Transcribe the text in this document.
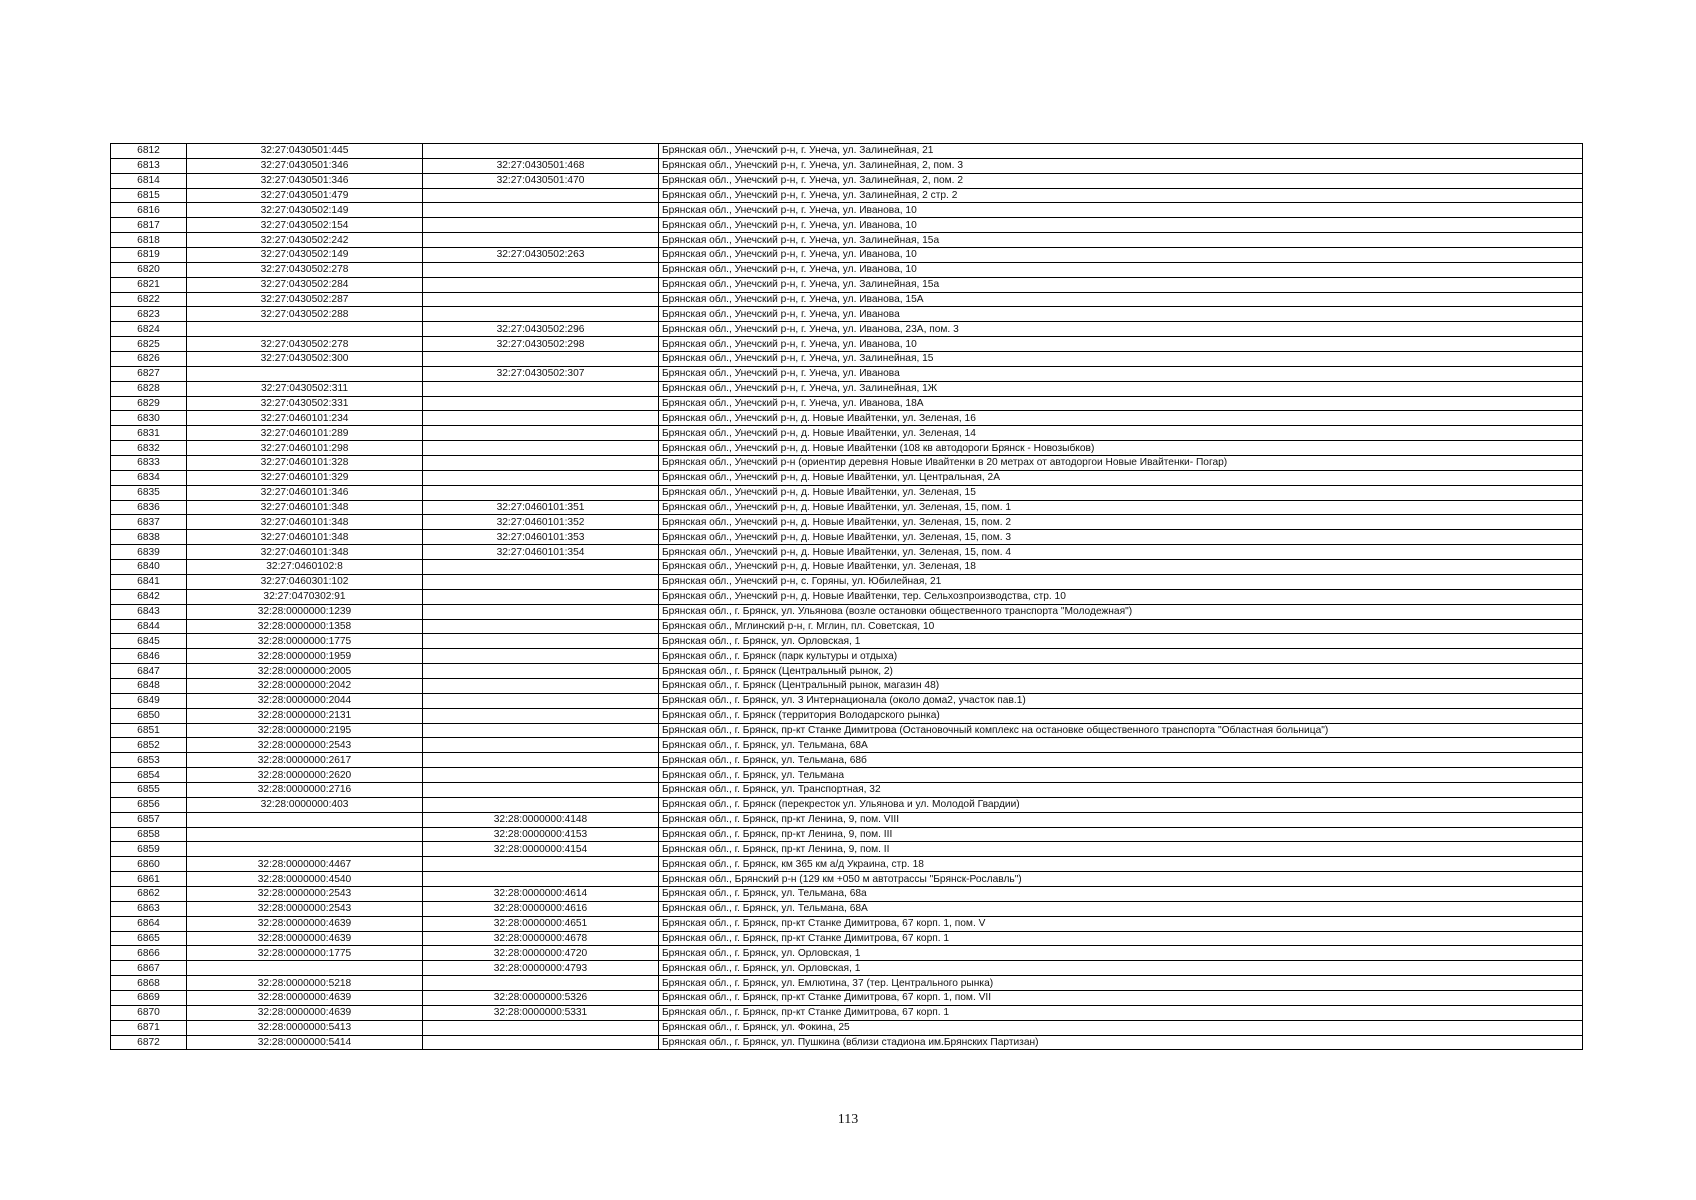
6812	32:27:0430501:445		Брянская обл., Унечский р-н, г. Унеча, ул. Залинейная, 21
6813	32:27:0430501:346	32:27:0430501:468	Брянская обл., Унечский р-н, г. Унеча, ул. Залинейная, 2, пом. 3
6814	32:27:0430501:346	32:27:0430501:470	Брянская обл., Унечский р-н, г. Унеча, ул. Залинейная, 2, пом. 2
6815	32:27:0430501:479		Брянская обл., Унечский р-н, г. Унеча, ул. Залинейная, 2 стр. 2
6816	32:27:0430502:149		Брянская обл., Унечский р-н, г. Унеча, ул. Иванова, 10
6817	32:27:0430502:154		Брянская обл., Унечский р-н, г. Унеча, ул. Иванова, 10
6818	32:27:0430502:242		Брянская обл., Унечский р-н, г. Унеча, ул. Залинейная, 15а
6819	32:27:0430502:149	32:27:0430502:263	Брянская обл., Унечский р-н, г. Унеча, ул. Иванова, 10
6820	32:27:0430502:278		Брянская обл., Унечский р-н, г. Унеча, ул. Иванова, 10
6821	32:27:0430502:284		Брянская обл., Унечский р-н, г. Унеча, ул. Залинейная, 15а
6822	32:27:0430502:287		Брянская обл., Унечский р-н, г. Унеча, ул. Иванова, 15А
6823	32:27:0430502:288		Брянская обл., Унечский р-н, г. Унеча, ул. Иванова
6824		32:27:0430502:296	Брянская обл., Унечский р-н, г. Унеча, ул. Иванова, 23А, пом. 3
6825	32:27:0430502:278	32:27:0430502:298	Брянская обл., Унечский р-н, г. Унеча, ул. Иванова, 10
6826	32:27:0430502:300		Брянская обл., Унечский р-н, г. Унеча, ул. Залинейная, 15
6827		32:27:0430502:307	Брянская обл., Унечский р-н, г. Унеча, ул. Иванова
6828	32:27:0430502:311		Брянская обл., Унечский р-н, г. Унеча, ул. Залинейная, 1Ж
6829	32:27:0430502:331		Брянская обл., Унечский р-н, г. Унеча, ул. Иванова, 18А
6830	32:27:0460101:234		Брянская обл., Унечский р-н, д. Новые Ивайтенки, ул. Зеленая, 16
6831	32:27:0460101:289		Брянская обл., Унечский р-н, д. Новые Ивайтенки, ул. Зеленая, 14
6832	32:27:0460101:298		Брянская обл., Унечский р-н, д. Новые Ивайтенки (108 кв автодороги Брянск - Новозыбков)
6833	32:27:0460101:328		Брянская обл., Унечский р-н (ориентир деревня Новые Ивайтенки в 20 метрах от автодоргои Новые Ивайтенки- Погар)
6834	32:27:0460101:329		Брянская обл., Унечский р-н, д. Новые Ивайтенки, ул. Центральная, 2А
6835	32:27:0460101:346		Брянская обл., Унечский р-н, д. Новые Ивайтенки, ул. Зеленая, 15
6836	32:27:0460101:348	32:27:0460101:351	Брянская обл., Унечский р-н, д. Новые Ивайтенки, ул. Зеленая, 15, пом. 1
6837	32:27:0460101:348	32:27:0460101:352	Брянская обл., Унечский р-н, д. Новые Ивайтенки, ул. Зеленая, 15, пом. 2
6838	32:27:0460101:348	32:27:0460101:353	Брянская обл., Унечский р-н, д. Новые Ивайтенки, ул. Зеленая, 15, пом. 3
6839	32:27:0460101:348	32:27:0460101:354	Брянская обл., Унечский р-н, д. Новые Ивайтенки, ул. Зеленая, 15, пом. 4
6840	32:27:0460102:8		Брянская обл., Унечский р-н, д. Новые Ивайтенки, ул. Зеленая, 18
6841	32:27:0460301:102		Брянская обл., Унечский р-н, с. Горяны, ул. Юбилейная, 21
6842	32:27:0470302:91		Брянская обл., Унечский р-н, д. Новые Ивайтенки, тер. Сельхозпроизводства, стр. 10
6843	32:28:0000000:1239		Брянская обл., г. Брянск, ул. Ульянова (возле остановки общественного транспорта "Молодежная")
6844	32:28:0000000:1358		Брянская обл., Мглинский р-н, г. Мглин, пл. Советская, 10
6845	32:28:0000000:1775		Брянская обл., г. Брянск, ул. Орловская, 1
6846	32:28:0000000:1959		Брянская обл., г. Брянск (парк культуры и отдыха)
6847	32:28:0000000:2005		Брянская обл., г. Брянск (Центральный рынок, 2)
6848	32:28:0000000:2042		Брянская обл., г. Брянск (Центральный рынок, магазин 48)
6849	32:28:0000000:2044		Брянская обл., г. Брянск, ул. 3 Интернационала (около дома2, участок пав.1)
6850	32:28:0000000:2131		Брянская обл., г. Брянск (территория Володарского рынка)
6851	32:28:0000000:2195		Брянская обл., г. Брянск, пр-кт Станке Димитрова (Остановочный комплекс на остановке общественного транспорта "Областная больница")
6852	32:28:0000000:2543		Брянская обл., г. Брянск, ул. Тельмана, 68А
6853	32:28:0000000:2617		Брянская обл., г. Брянск, ул. Тельмана, 68б
6854	32:28:0000000:2620		Брянская обл., г. Брянск, ул. Тельмана
6855	32:28:0000000:2716		Брянская обл., г. Брянск, ул. Транспортная, 32
6856	32:28:0000000:403		Брянская обл., г. Брянск (перекресток ул. Ульянова и ул. Молодой Гвардии)
6857		32:28:0000000:4148	Брянская обл., г. Брянск, пр-кт Ленина, 9, пом. VIII
6858		32:28:0000000:4153	Брянская обл., г. Брянск, пр-кт Ленина, 9, пом. III
6859		32:28:0000000:4154	Брянская обл., г. Брянск, пр-кт Ленина, 9, пом. II
6860	32:28:0000000:4467		Брянская обл., г. Брянск, км 365 км а/д Украина, стр. 18
6861	32:28:0000000:4540		Брянская обл., Брянский р-н (129 км +050 м автотрассы "Брянск-Рославль")
6862	32:28:0000000:2543	32:28:0000000:4614	Брянская обл., г. Брянск, ул. Тельмана, 68а
6863	32:28:0000000:2543	32:28:0000000:4616	Брянская обл., г. Брянск, ул. Тельмана, 68А
6864	32:28:0000000:4639	32:28:0000000:4651	Брянская обл., г. Брянск, пр-кт Станке Димитрова, 67 корп. 1, пом. V
6865	32:28:0000000:4639	32:28:0000000:4678	Брянская обл., г. Брянск, пр-кт Станке Димитрова, 67 корп. 1
6866	32:28:0000000:1775	32:28:0000000:4720	Брянская обл., г. Брянск, ул. Орловская, 1
6867		32:28:0000000:4793	Брянская обл., г. Брянск, ул. Орловская, 1
6868	32:28:0000000:5218		Брянская обл., г. Брянск, ул. Емлютина, 37 (тер. Центрального рынка)
6869	32:28:0000000:4639	32:28:0000000:5326	Брянская обл., г. Брянск, пр-кт Станке Димитрова, 67 корп. 1, пом. VII
6870	32:28:0000000:4639	32:28:0000000:5331	Брянская обл., г. Брянск, пр-кт Станке Димитрова, 67 корп. 1
6871	32:28:0000000:5413		Брянская обл., г. Брянск, ул. Фокина, 25
6872	32:28:0000000:5414		Брянская обл., г. Брянск, ул. Пушкина (вблизи стадиона им.Брянских Партизан)
113
